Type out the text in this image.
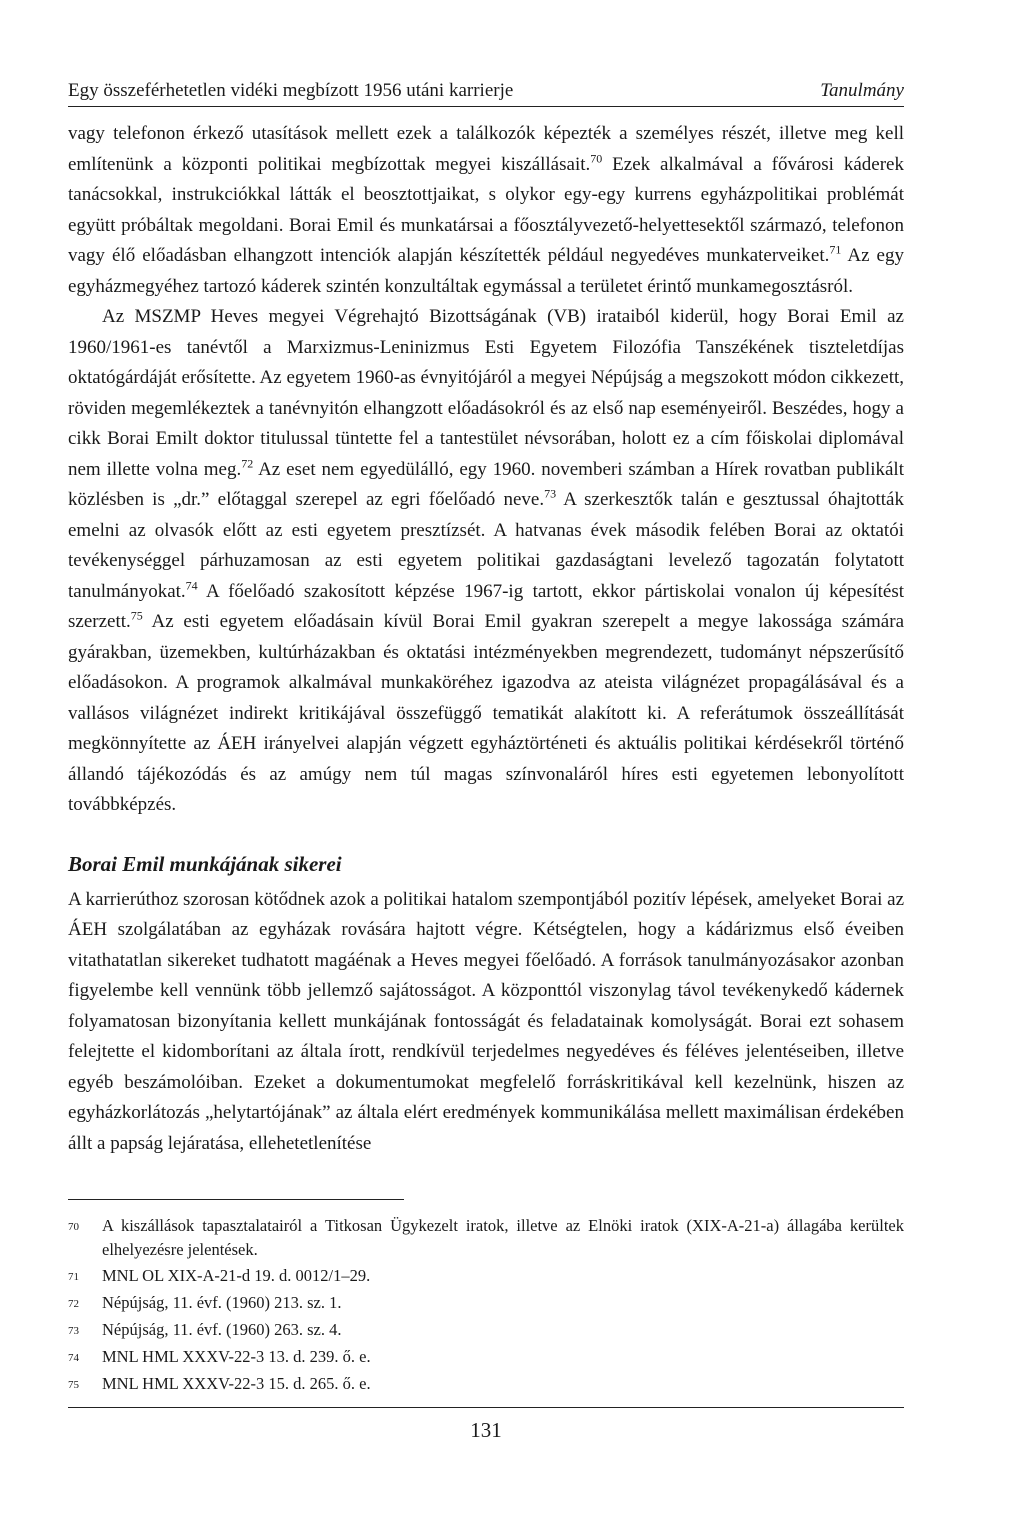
Egy összeférhetetlen vidéki megbízott 1956 utáni karrierje	Tanulmány

vagy telefonon érkező utasítások mellett ezek a találkozók képezték a személyes részét, illetve meg kell említenünk a központi politikai megbízottak megyei kiszállásait.$^{70}$ Ezek alkalmával a fővárosi káderek tanácsokkal, instrukciókkal látták el beosztottjaikat, s olykor egy-egy kurrens egyházpolitikai problémát együtt próbáltak megoldani. Borai Emil és munkatársai a főosztályvezető-helyettesektől származó, telefonon vagy élő előadásban elhangzott intenciók alapján készítették például negyedéves munkaterveiket.$^{71}$ Az egy egyházmegyéhez tartozó káderek szintén konzultáltak egymással a területet érintő munkamegosztásról.

Az MSZMP Heves megyei Végrehajtó Bizottságának (VB) irataiból kiderül, hogy Borai Emil az 1960/1961-es tanévtől a Marxizmus-Leninizmus Esti Egyetem Filozófia Tanszékének tiszteletdíjas oktatógárdáját erősítette. Az egyetem 1960-as évnyitójáról a megyei Népújság a megszokott módon cikkezett, röviden megemlékeztek a tanévnyitón elhangzott előadásokról és az első nap eseményeiről. Beszédes, hogy a cikk Borai Emilt doktor titulussal tüntette fel a tantestület névsorában, holott ez a cím főiskolai diplomával nem illette volna meg.$^{72}$ Az eset nem egyedülálló, egy 1960. novemberi számban a Hírek rovatban publikált közlésben is „dr.” előtaggal szerepel az egri főelőadó neve.$^{73}$ A szerkesztők talán e gesztussal óhajtották emelni az olvasók előtt az esti egyetem presztízsét. A hatvanas évek második felében Borai az oktatói tevékenységgel párhuzamosan az esti egyetem politikai gazdaságtani levelező tagozatán folytatott tanulmányokat.$^{74}$ A főelőadó szakosított képzése 1967-ig tartott, ekkor pártiskolai vonalon új képesítést szerzett.$^{75}$ Az esti egyetem előadásain kívül Borai Emil gyakran szerepelt a megye lakossága számára gyárakban, üzemekben, kultúrházakban és oktatási intézményekben megrendezett, tudományt népszerűsítő előadásokon. A programok alkalmával munkaköréhez igazodva az ateista világnézet propagálásával és a vallásos világnézet indirekt kritikájával összefüggő tematikát alakított ki. A referátumok összeállítását megkönnyítette az ÁEH irányelvei alapján végzett egyháztörténeti és aktuális politikai kérdésekről történő állandó tájékozódás és az amúgy nem túl magas színvonaláról híres esti egyetemen lebonyolított továbbképzés.

Borai Emil munkájának sikerei

A karrierúthoz szorosan kötődnek azok a politikai hatalom szempontjából pozitív lépések, amelyeket Borai az ÁEH szolgálatában az egyházak rovására hajtott végre. Kétségtelen, hogy a kádárizmus első éveiben vitathatatlan sikereket tudhatott magáénak a Heves megyei főelőadó. A források tanulmányozásakor azonban figyelembe kell vennünk több jellemző sajátosságot. A központtól viszonylag távol tevékenykedő kádernek folyamatosan bizonyítania kellett munkájának fontosságát és feladatainak komolyságát. Borai ezt sohasem felejtette el kidomborítani az általa írott, rendkívül terjedelmes negyedéves és féléves jelentéseiben, illetve egyéb beszámolóiban. Ezeket a dokumentumokat megfelelő forráskritikával kell kezelnünk, hiszen az egyházkorlátozás „helytartójának” az általa elért eredmények kommunikálása mellett maximálisan érdekében állt a papság lejáratása, ellehetetlenítése

70	A kiszállások tapasztalatairól a Titkosan Ügykezelt iratok, illetve az Elnöki iratok (XIX-A-21-a) állagába kerültek elhelyezésre jelentések.
71	MNL OL XIX-A-21-d 19. d. 0012/1–29.
72	Népújság, 11. évf. (1960) 213. sz. 1.
73	Népújság, 11. évf. (1960) 263. sz. 4.
74	MNL HML XXXV-22-3 13. d. 239. ő. e.
75	MNL HML XXXV-22-3 15. d. 265. ő. e.
131
